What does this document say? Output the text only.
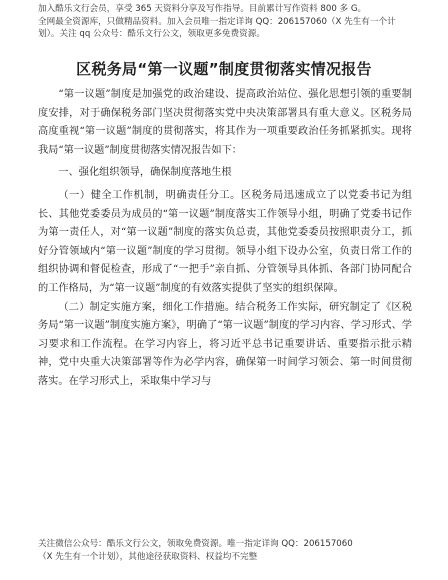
加入酷乐文行会员，享受 365 天资料分享及写作指导。目前累计写作资料 800 多 G。
全网最全资源库，只做精品资料。加入会员唯一指定详询 QQ：206157060（X 先生有一个计划）。关注 qq 公众号：酷乐文行公文，领取更多免费资源。
区税务局“第一议题”制度贯彻落实情况报告

“第一议题”制度是加强党的政治建设、提高政治站位、强化思想引领的重要制度安排，对于确保税务部门坚决贯彻落实党中央决策部署具有重大意义。区税务局高度重视“第一议题”制度的贯彻落实，将其作为一项重要政治任务抓紧抓实。现将我局“第一议题”制度贯彻落实情况报告如下：

一、强化组织领导，确保制度落地生根

（一）健全工作机制，明确责任分工。区税务局迅速成立了以党委书记为组长、其他党委委员为成员的“第一议题”制度落实工作领导小组，明确了党委书记作为第一责任人，对“第一议题”制度的落实负总责，其他党委委员按照职责分工，抓好分管领域内“第一议题”制度的学习贯彻。领导小组下设办公室，负责日常工作的组织协调和督促检查，形成了“一把手”亲自抓、分管领导具体抓、各部门协同配合的工作格局，为“第一议题”制度的有效落实提供了坚实的组织保障。

（二）制定实施方案，细化工作措施。结合税务工作实际，研究制定了《区税务局“第一议题”制度实施方案》，明确了“第一议题”制度的学习内容、学习形式、学习要求和工作流程。在学习内容上，将习近平总书记重要讲话、重要指示批示精神，党中央重大决策部署等作为必学内容，确保第一时间学习领会、第一时间贯彻落实。在学习形式上，采取集中学习与

关注微信公众号：酷乐文行公文，领取免费资源。唯一指定详询 QQ：206157060
（X 先生有一个计划），其他途径获取资料、权益均不完整
